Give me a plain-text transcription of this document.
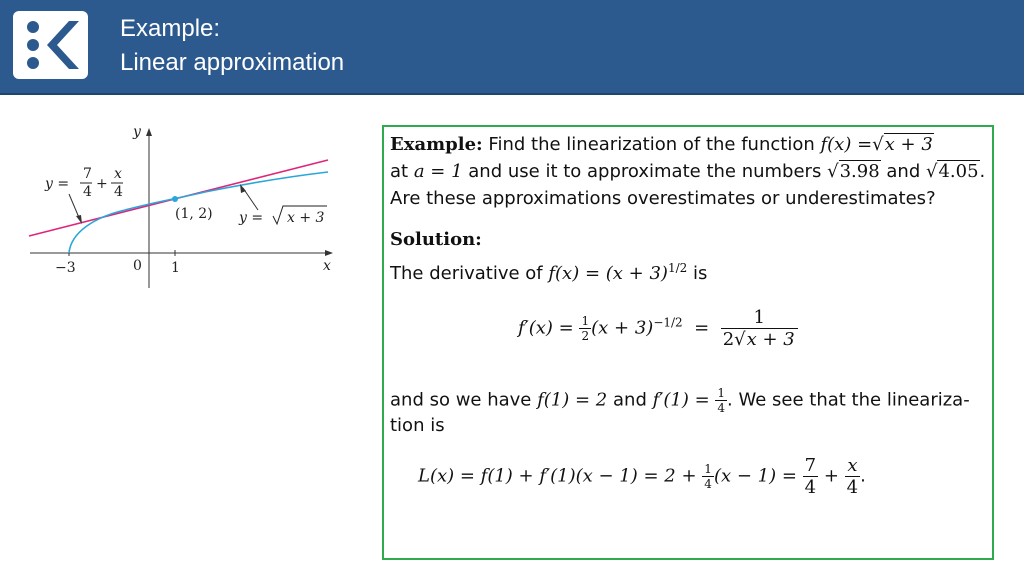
Example:
Linear approximation
y
x
−3	0 1
(1, 2)
y =
7
4 +
x
4
y = x + 3
Example: Find the linearization of the function f(x) =√x + 3
at a = 1 and use it to approximate the numbers √3.98 and √4.05.
Are these approximations overestimates or underestimates?
Solution:
The derivative of $f(x) = (x + 3)^{1/2}$ is
$f'(x) = \frac{1}{2} (x + 3)^{-1/2} = \frac{1}{2√x + 3}$
and so we have f(1) = 2 and $f'(1) = \frac{1}{4}$ . We see that the lineariza-
tion is
$L(x) = f(1) + f'(1)(x - 1) = 2 + \frac{1}{4} (x - 1) = \frac{7}{4} + \frac{x}{4}$ .
